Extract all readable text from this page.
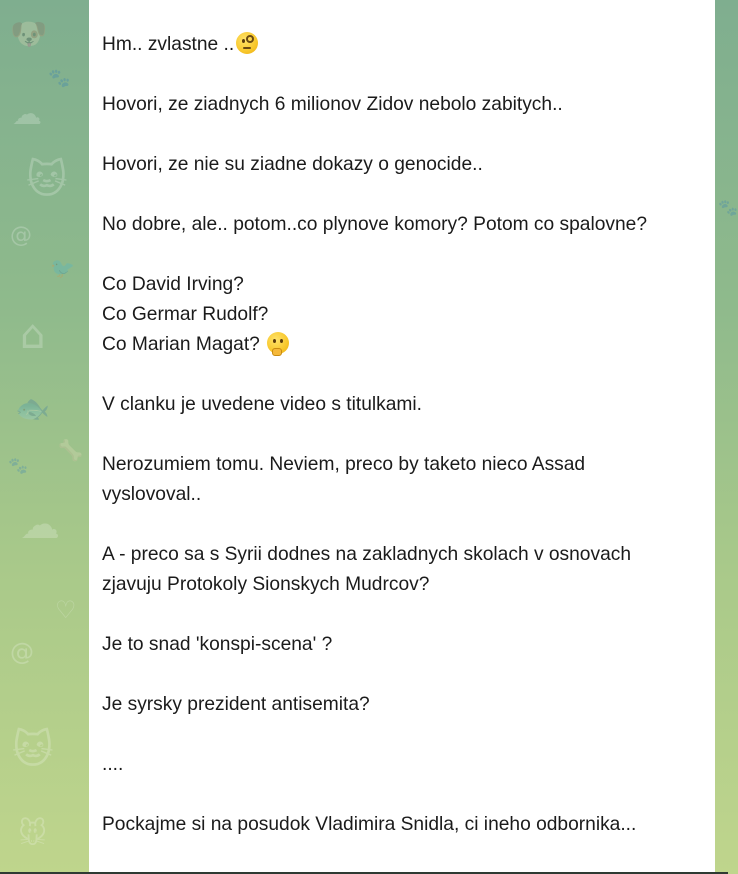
🐶
🐾
☁
🐱
@
🐦
⌂
🐟
🦴
🐾
☁
♡
@
🐱
🐭
🐾
Hm.. zvlastne ..
Hovori, ze ziadnych 6 milionov Zidov nebolo zabitych..
Hovori, ze nie su ziadne dokazy o genocide..
No dobre, ale.. potom..co plynove komory? Potom co spalovne?
Co David Irving?
Co Germar Rudolf?
Co Marian Magat?
V clanku je uvedene video s titulkami.
Nerozumiem tomu. Neviem, preco by taketo nieco Assad
vyslovoval..
A - preco sa s Syrii dodnes na zakladnych skolach v osnovach
zjavuju Protokoly Sionskych Mudrcov?
Je to snad 'konspi-scena' ?
Je syrsky prezident antisemita?
....
Pockajme si na posudok Vladimira Snidla, ci ineho odbornika...
